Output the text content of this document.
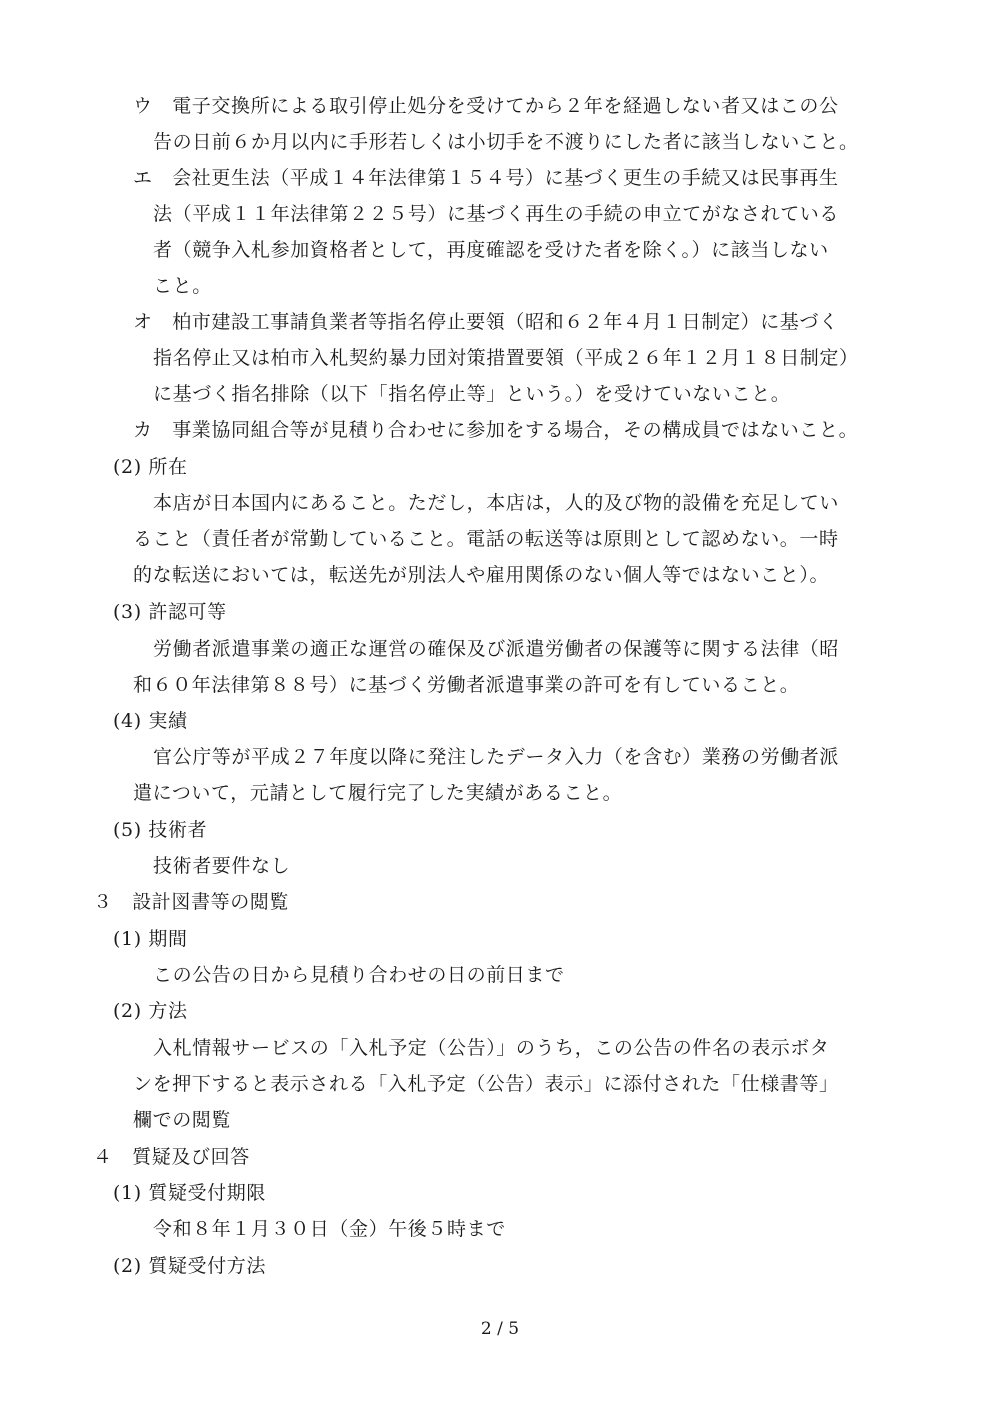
ウ　電子交換所による取引停止処分を受けてから２年を経過しない者又はこの公
告の日前６か月以内に手形若しくは小切手を不渡りにした者に該当しないこと。
エ　会社更生法（平成１４年法律第１５４号）に基づく更生の手続又は民事再生
法（平成１１年法律第２２５号）に基づく再生の手続の申立てがなされている
者（競争入札参加資格者として，再度確認を受けた者を除く。）に該当しない
こと。
オ　柏市建設工事請負業者等指名停止要領（昭和６２年４月１日制定）に基づく
指名停止又は柏市入札契約暴力団対策措置要領（平成２６年１２月１８日制定）
に基づく指名排除（以下「指名停止等」という。）を受けていないこと。
カ　事業協同組合等が見積り合わせに参加をする場合，その構成員ではないこと。
(2) 所在
本店が日本国内にあること。ただし，本店は，人的及び物的設備を充足してい
ること（責任者が常勤していること。電話の転送等は原則として認めない。一時
的な転送においては，転送先が別法人や雇用関係のない個人等ではないこと）。
(3) 許認可等
労働者派遣事業の適正な運営の確保及び派遣労働者の保護等に関する法律（昭
和６０年法律第８８号）に基づく労働者派遣事業の許可を有していること。
(4) 実績
官公庁等が平成２７年度以降に発注したデータ入力（を含む）業務の労働者派
遣について，元請として履行完了した実績があること。
(5) 技術者
技術者要件なし
３　設計図書等の閲覧
(1) 期間
この公告の日から見積り合わせの日の前日まで
(2) 方法
入札情報サービスの「入札予定（公告）」のうち，この公告の件名の表示ボタ
ンを押下すると表示される「入札予定（公告）表示」に添付された「仕様書等」
欄での閲覧
４　質疑及び回答
(1) 質疑受付期限
令和８年１月３０日（金）午後５時まで
(2) 質疑受付方法
2 / 5
